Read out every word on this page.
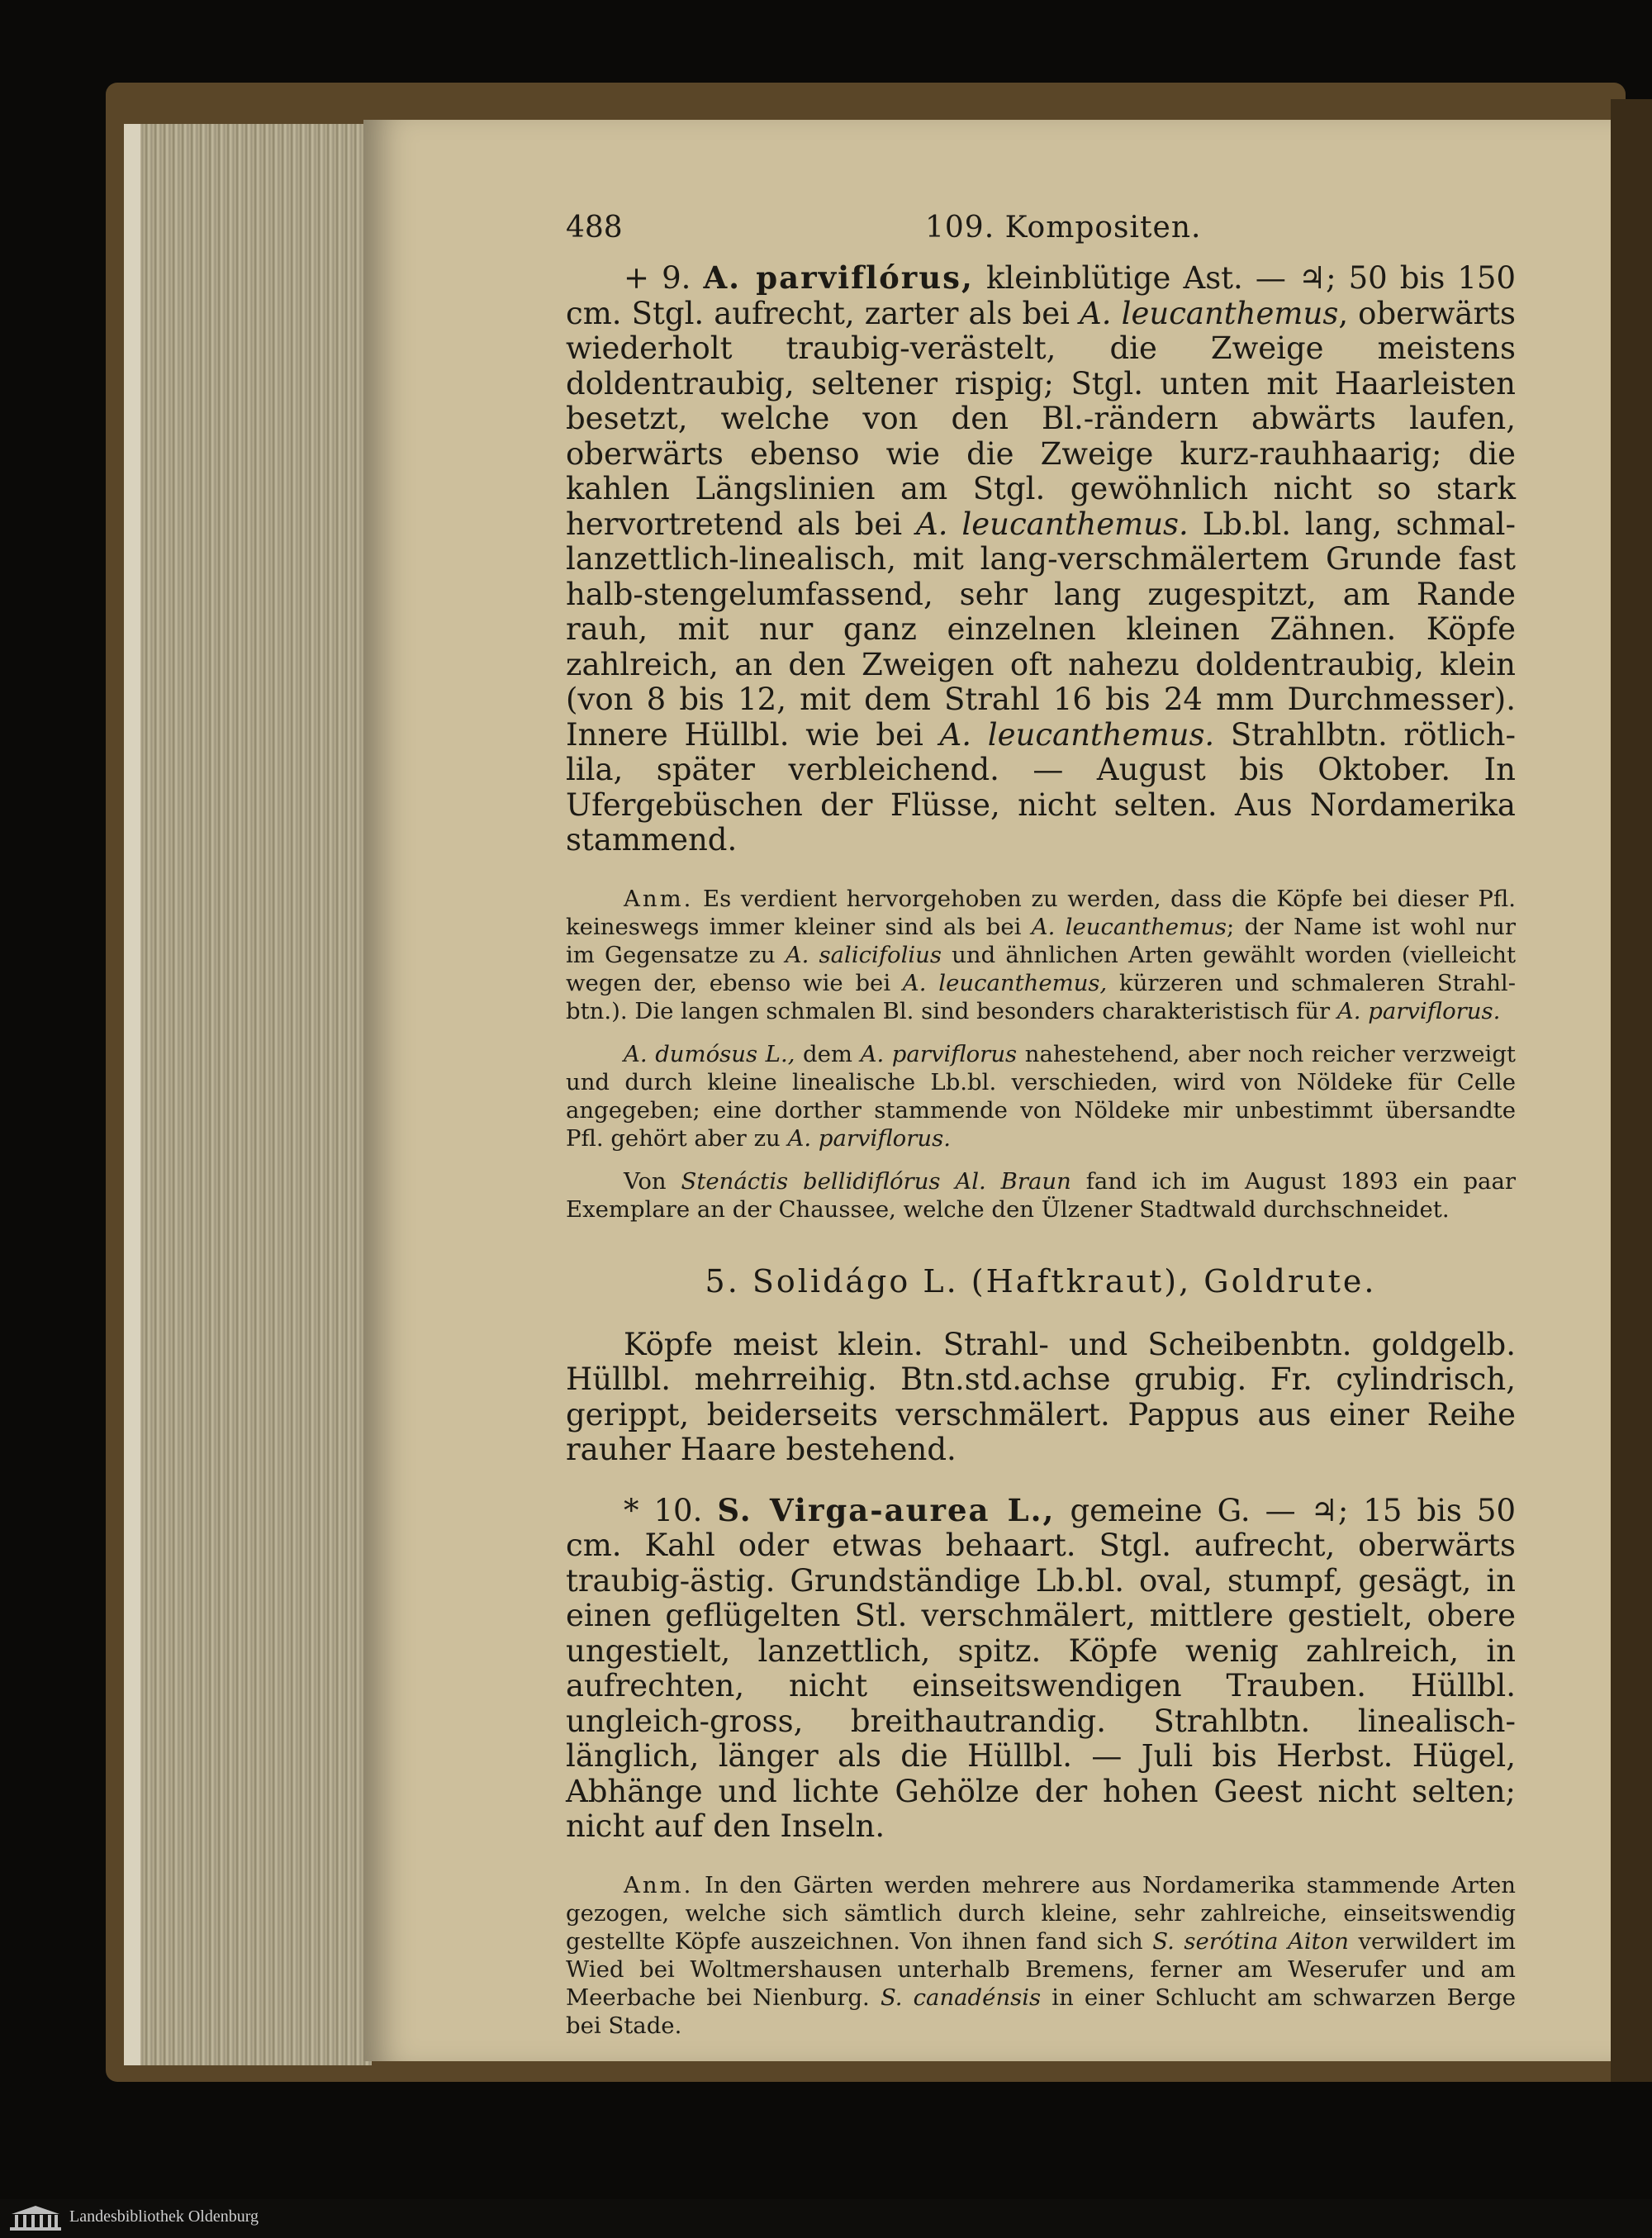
488	109. Kompositen.

+ 9. A. parviflórus, kleinblütige Ast. — ♃; 50 bis 150 cm. Stgl. aufrecht, zarter als bei A. leucanthemus, oberwärts wiederholt traubig-verästelt, die Zweige meistens doldentraubig, seltener rispig; Stgl. unten mit Haarleisten besetzt, welche von den Bl.-rändern abwärts laufen, oberwärts ebenso wie die Zweige kurz-rauhhaarig; die kahlen Längslinien am Stgl. gewöhnlich nicht so stark hervortretend als bei A. leucanthemus. Lb.bl. lang, schmal-lanzettlich-linealisch, mit lang-verschmälertem Grunde fast halb-stengelumfassend, sehr lang zugespitzt, am Rande rauh, mit nur ganz einzelnen kleinen Zähnen. Köpfe zahlreich, an den Zweigen oft nahezu doldentraubig, klein (von 8 bis 12, mit dem Strahl 16 bis 24 mm Durchmesser). Innere Hüllbl. wie bei A. leucanthemus. Strahlbtn. rötlich-lila, später verbleichend. — August bis Oktober. In Ufergebüschen der Flüsse, nicht selten. Aus Nordamerika stammend.

Anm. Es verdient hervorgehoben zu werden, dass die Köpfe bei dieser Pfl. keineswegs immer kleiner sind als bei A. leucanthemus; der Name ist wohl nur im Gegensatze zu A. salicifolius und ähnlichen Arten gewählt worden (vielleicht wegen der, ebenso wie bei A. leucanthemus, kürzeren und schmaleren Strahl-btn.). Die langen schmalen Bl. sind besonders charakteristisch für A. parviflorus.

A. dumósus L., dem A. parviflorus nahestehend, aber noch reicher verzweigt und durch kleine linealische Lb.bl. verschieden, wird von Nöldeke für Celle angegeben; eine dorther stammende von Nöldeke mir unbestimmt übersandte Pfl. gehört aber zu A. parviflorus.

Von Stenáctis bellidiflórus Al. Braun fand ich im August 1893 ein paar Exemplare an der Chaussee, welche den Ülzener Stadtwald durchschneidet.

5. Solidágo L. (Haftkraut), Goldrute.

Köpfe meist klein. Strahl- und Scheibenbtn. goldgelb. Hüllbl. mehrreihig. Btn.std.achse grubig. Fr. cylindrisch, gerippt, beiderseits verschmälert. Pappus aus einer Reihe rauher Haare bestehend.

* 10. S. Virga-aurea L., gemeine G. — ♃; 15 bis 50 cm. Kahl oder etwas behaart. Stgl. aufrecht, oberwärts traubig-ästig. Grundständige Lb.bl. oval, stumpf, gesägt, in einen geflügelten Stl. verschmälert, mittlere gestielt, obere ungestielt, lanzettlich, spitz. Köpfe wenig zahlreich, in aufrechten, nicht einseitswendigen Trauben. Hüllbl. ungleich-gross, breithautrandig. Strahlbtn. linealisch-länglich, länger als die Hüllbl. — Juli bis Herbst. Hügel, Abhänge und lichte Gehölze der hohen Geest nicht selten; nicht auf den Inseln.

Anm. In den Gärten werden mehrere aus Nordamerika stammende Arten gezogen, welche sich sämtlich durch kleine, sehr zahlreiche, einseitswendig gestellte Köpfe auszeichnen. Von ihnen fand sich S. serótina Aiton verwildert im Wied bei Woltmershausen unterhalb Bremens, ferner am Weserufer und am Meerbache bei Nienburg. S. canadénsis in einer Schlucht am schwarzen Berge bei Stade.

Landesbibliothek Oldenburg
